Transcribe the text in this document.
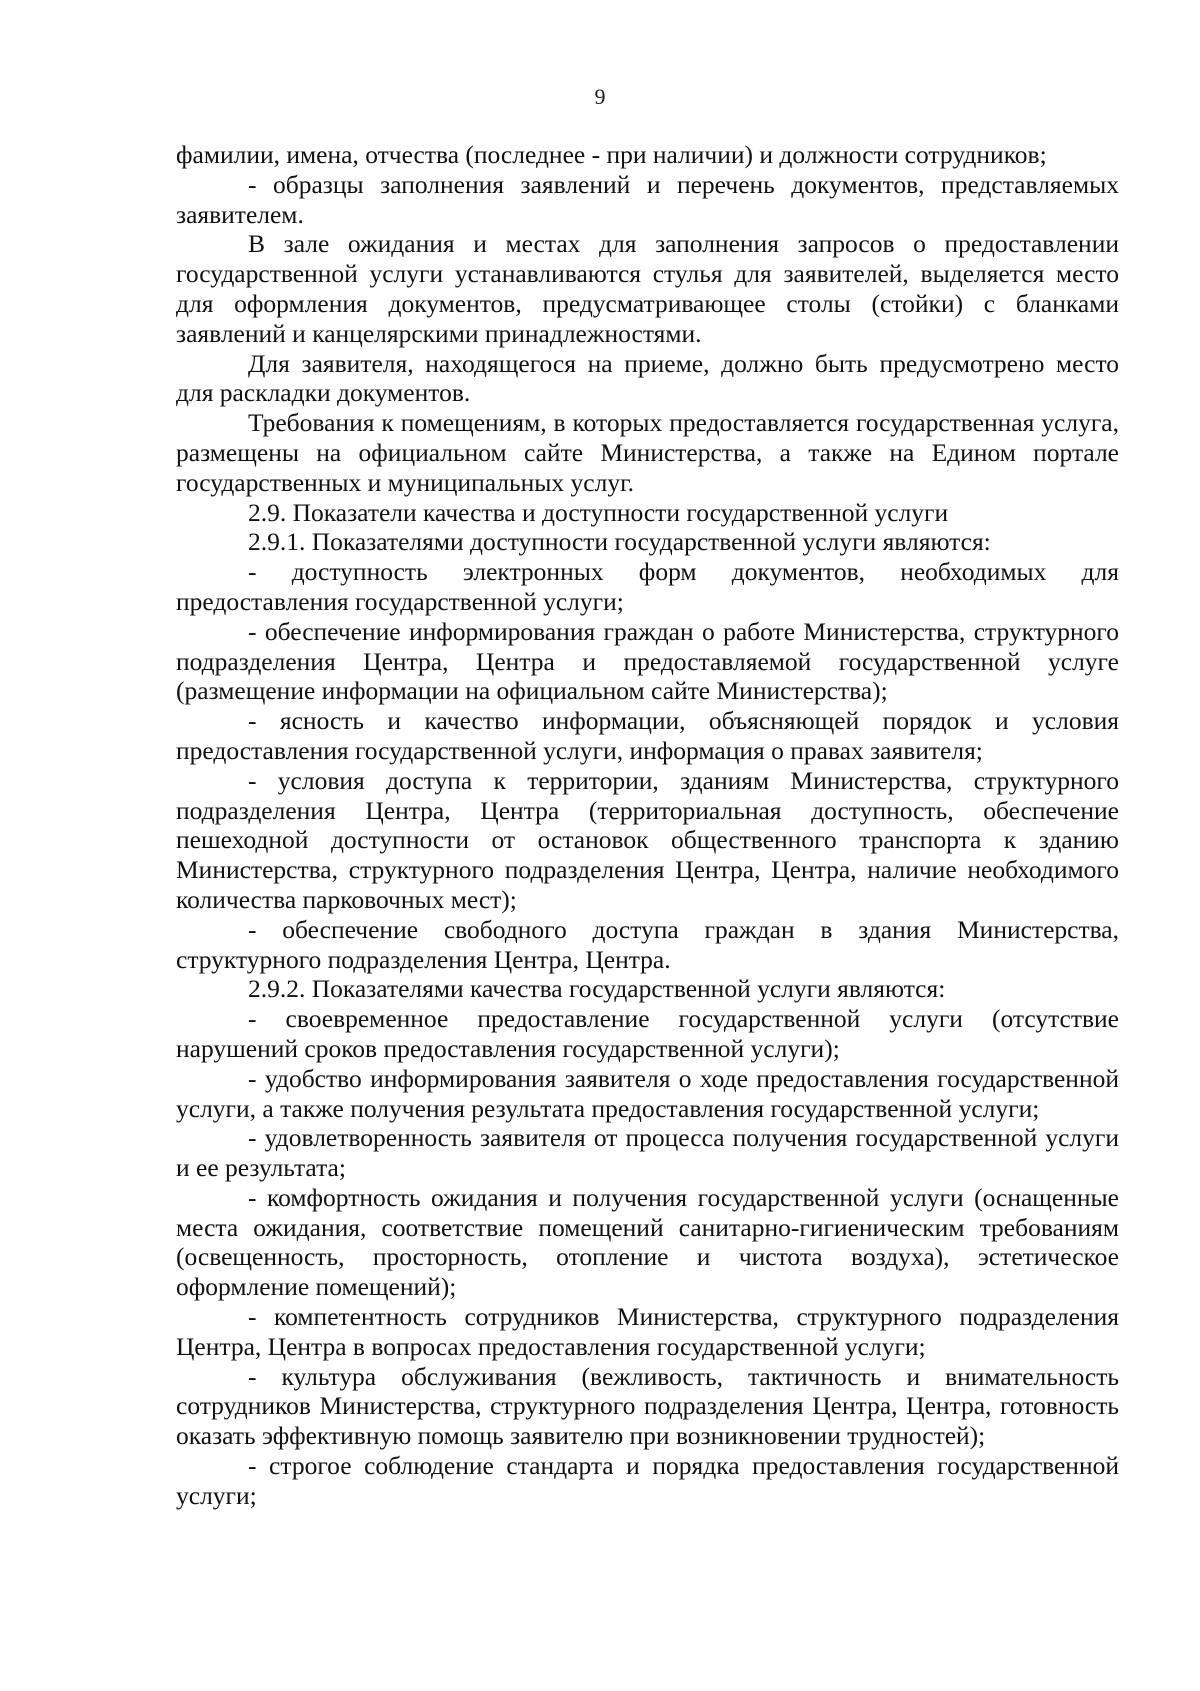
9

фамилии, имена, отчества (последнее - при наличии) и должности сотрудников;

- образцы заполнения заявлений и перечень документов, представляемых заявителем.

В зале ожидания и местах для заполнения запросов о предоставлении государственной услуги устанавливаются стулья для заявителей, выделяется место для оформления документов, предусматривающее столы (стойки) с бланками заявлений и канцелярскими принадлежностями.

Для заявителя, находящегося на приеме, должно быть предусмотрено место для раскладки документов.

Требования к помещениям, в которых предоставляется государственная услуга, размещены на официальном сайте Министерства, а также на Едином портале государственных и муниципальных услуг.

2.9. Показатели качества и доступности государственной услуги

2.9.1. Показателями доступности государственной услуги являются:

- доступность электронных форм документов, необходимых для предоставления государственной услуги;

- обеспечение информирования граждан о работе Министерства, структурного подразделения Центра, Центра и предоставляемой государственной услуге (размещение информации на официальном сайте Министерства);

- ясность и качество информации, объясняющей порядок и условия предоставления государственной услуги, информация о правах заявителя;

- условия доступа к территории, зданиям Министерства, структурного подразделения Центра, Центра (территориальная доступность, обеспечение пешеходной доступности от остановок общественного транспорта к зданию Министерства, структурного подразделения Центра, Центра, наличие необходимого количества парковочных мест);

- обеспечение свободного доступа граждан в здания Министерства, структурного подразделения Центра, Центра.

2.9.2. Показателями качества государственной услуги являются:

- своевременное предоставление государственной услуги (отсутствие нарушений сроков предоставления государственной услуги);

- удобство информирования заявителя о ходе предоставления государственной услуги, а также получения результата предоставления государственной услуги;

- удовлетворенность заявителя от процесса получения государственной услуги и ее результата;

- комфортность ожидания и получения государственной услуги (оснащенные места ожидания, соответствие помещений санитарно-гигиеническим требованиям (освещенность, просторность, отопление и чистота воздуха), эстетическое оформление помещений);

- компетентность сотрудников Министерства, структурного подразделения Центра, Центра в вопросах предоставления государственной услуги;

- культура обслуживания (вежливость, тактичность и внимательность сотрудников Министерства, структурного подразделения Центра, Центра, готовность оказать эффективную помощь заявителю при возникновении трудностей);

- строгое соблюдение стандарта и порядка предоставления государственной услуги;
